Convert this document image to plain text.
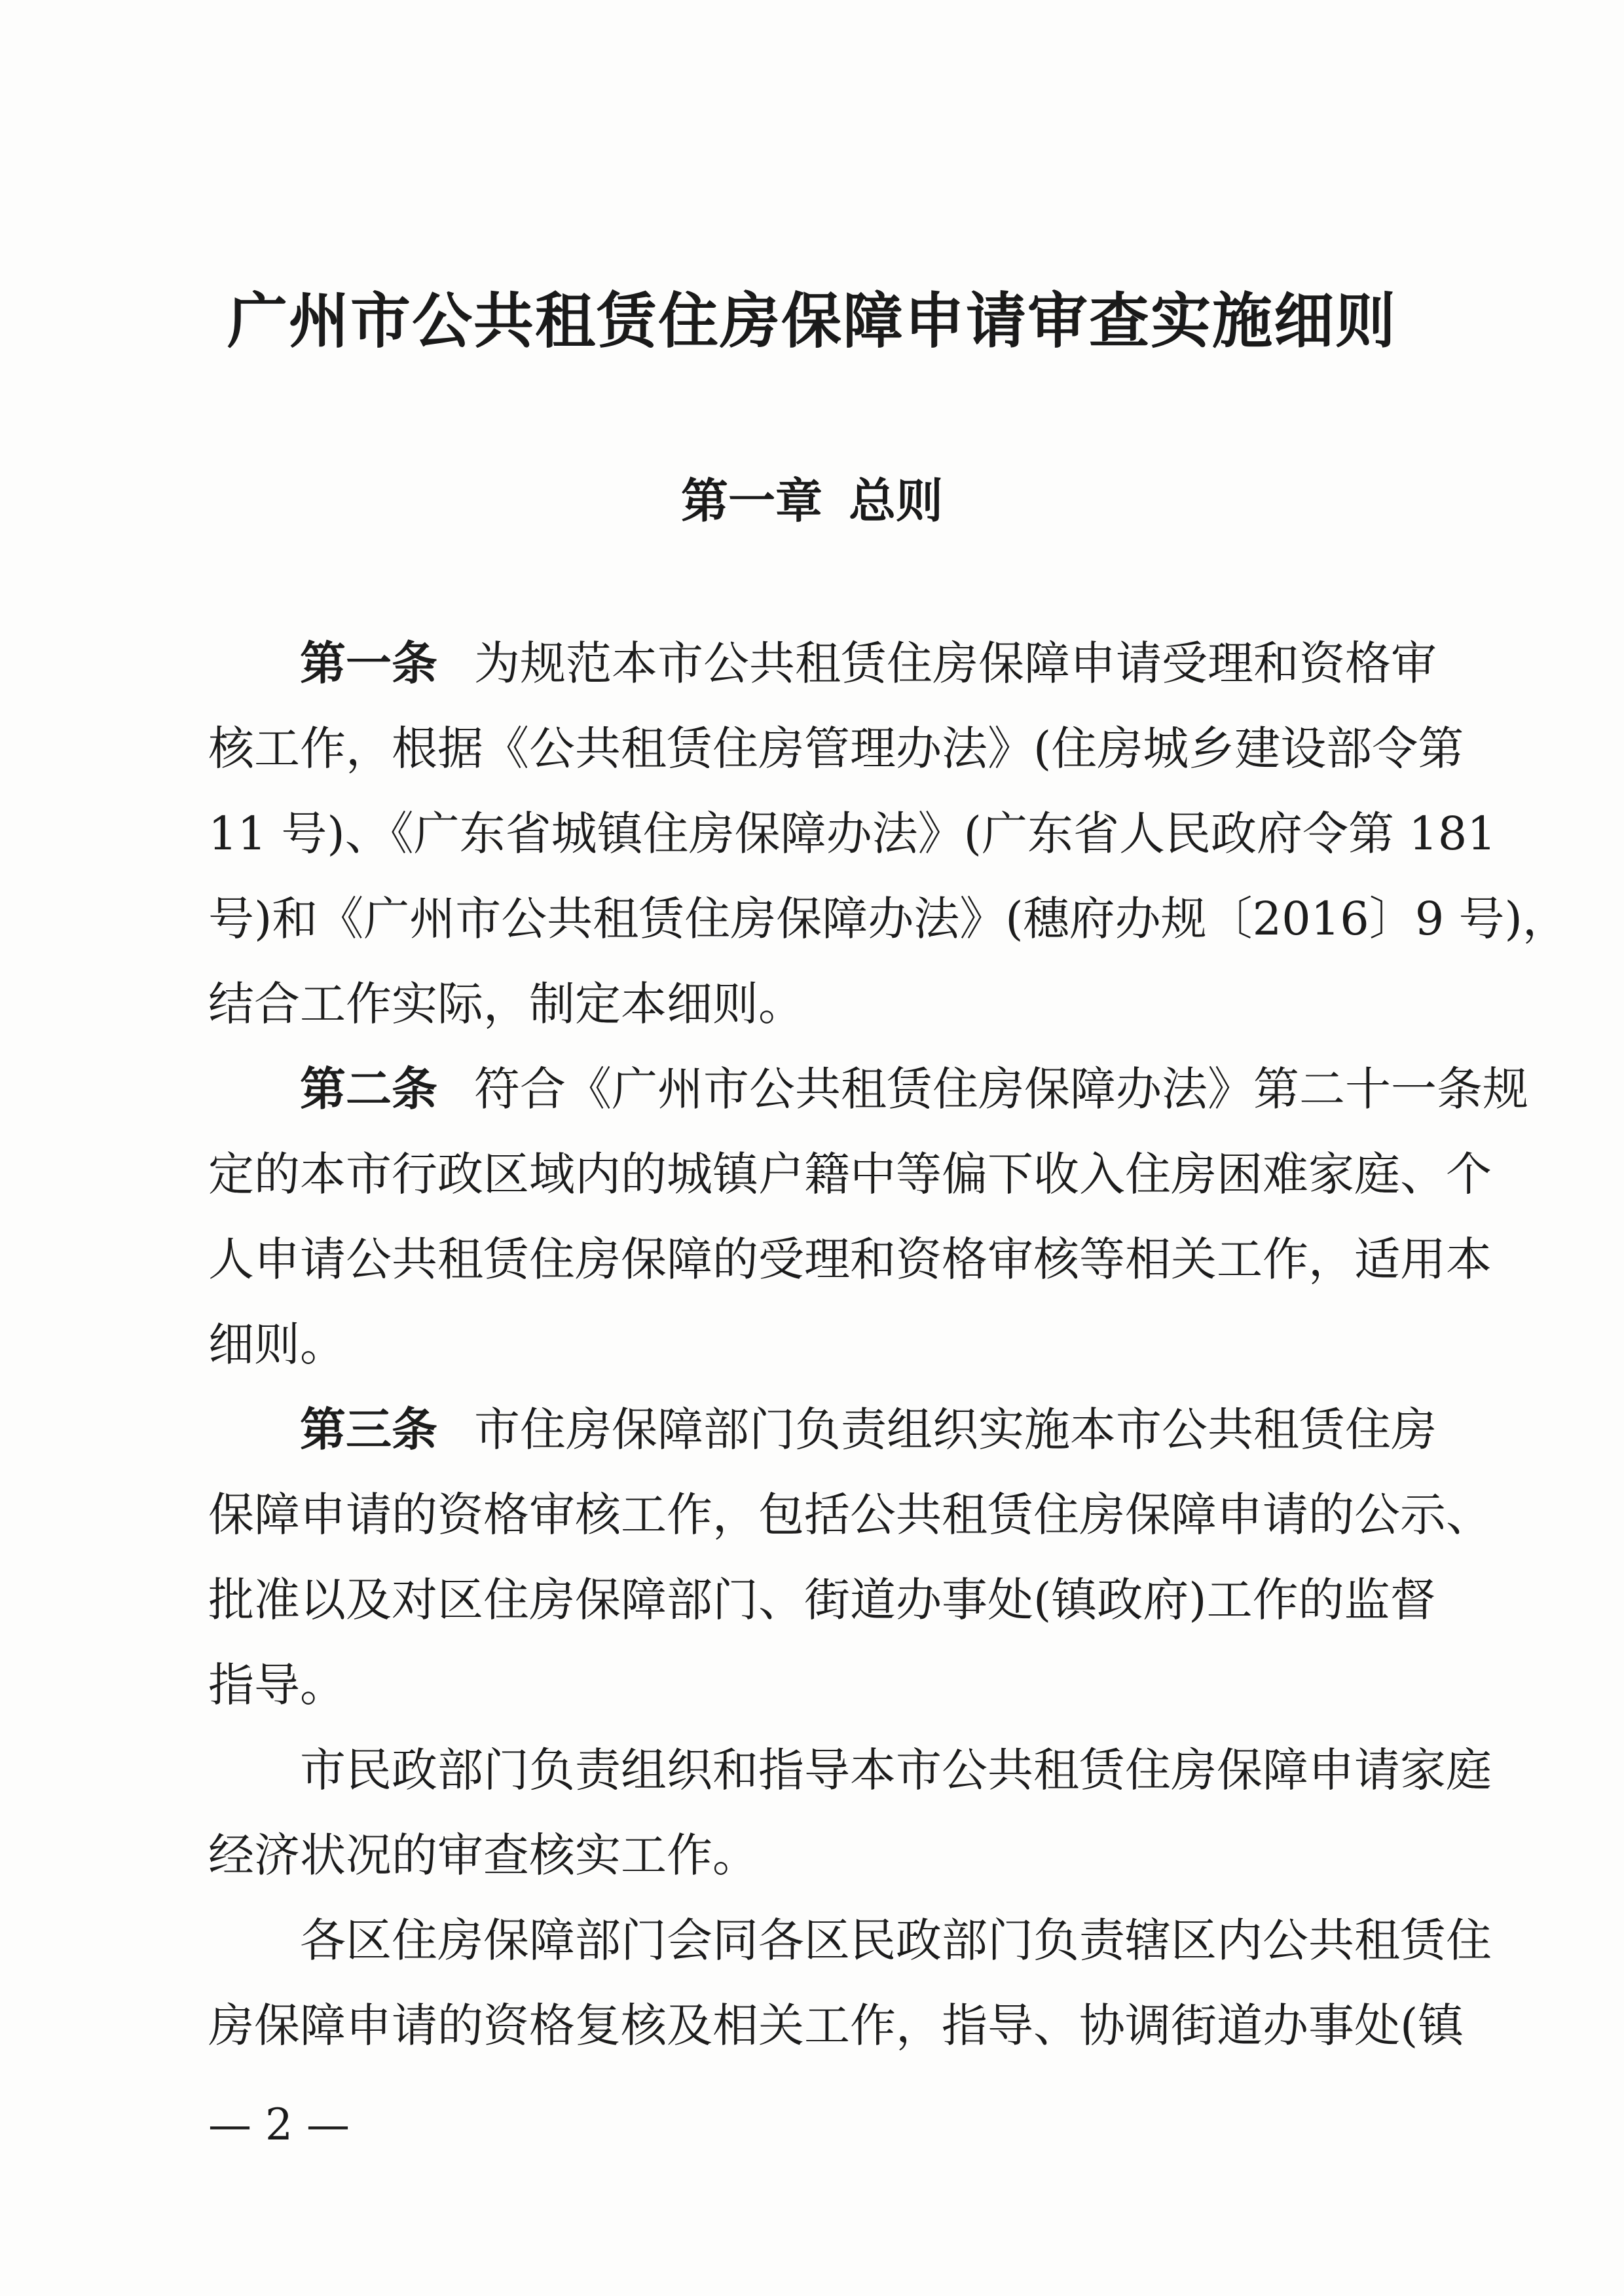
广州市公共租赁住房保障申请审查实施细则
第一章 总则
第一条 为规范本市公共租赁住房保障申请受理和资格审
核工作，根据《公共租赁住房管理办法》(住房城乡建设部令第
11 号)、《广东省城镇住房保障办法》(广东省人民政府令第 181
号)和《广州市公共租赁住房保障办法》(穗府办规〔2016〕9 号)，
结合工作实际，制定本细则。
第二条 符合《广州市公共租赁住房保障办法》第二十一条规
定的本市行政区域内的城镇户籍中等偏下收入住房困难家庭、个
人申请公共租赁住房保障的受理和资格审核等相关工作，适用本
细则。
第三条 市住房保障部门负责组织实施本市公共租赁住房
保障申请的资格审核工作，包括公共租赁住房保障申请的公示、
批准以及对区住房保障部门、街道办事处(镇政府)工作的监督
指导。
市民政部门负责组织和指导本市公共租赁住房保障申请家庭
经济状况的审查核实工作。
各区住房保障部门会同各区民政部门负责辖区内公共租赁住
房保障申请的资格复核及相关工作，指导、协调街道办事处(镇
— 2 —
